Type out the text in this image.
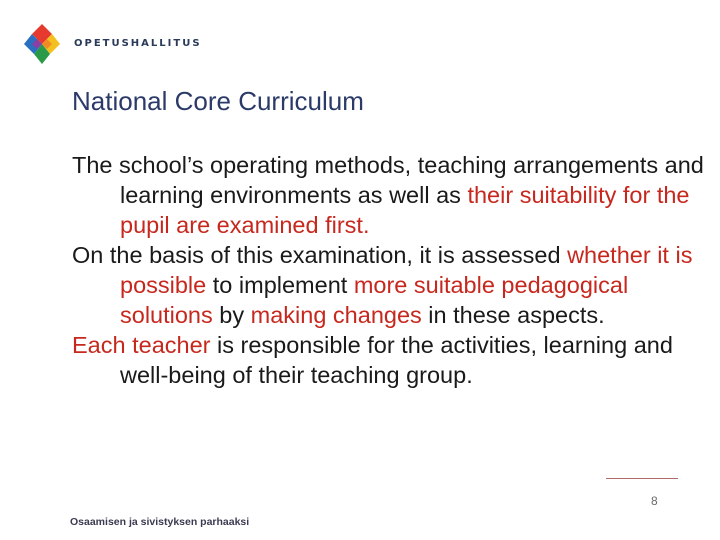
OPETUSHALLITUS
National Core Curriculum

The school’s operating methods, teaching arrangements and learning environments as well as their suitability for the pupil are examined first.

On the basis of this examination, it is assessed whether it is possible to implement more suitable pedagogical solutions by making changes in these aspects.

Each teacher is responsible for the activities, learning and well-being of their teaching group.

8
Osaamisen ja sivistyksen parhaaksi
